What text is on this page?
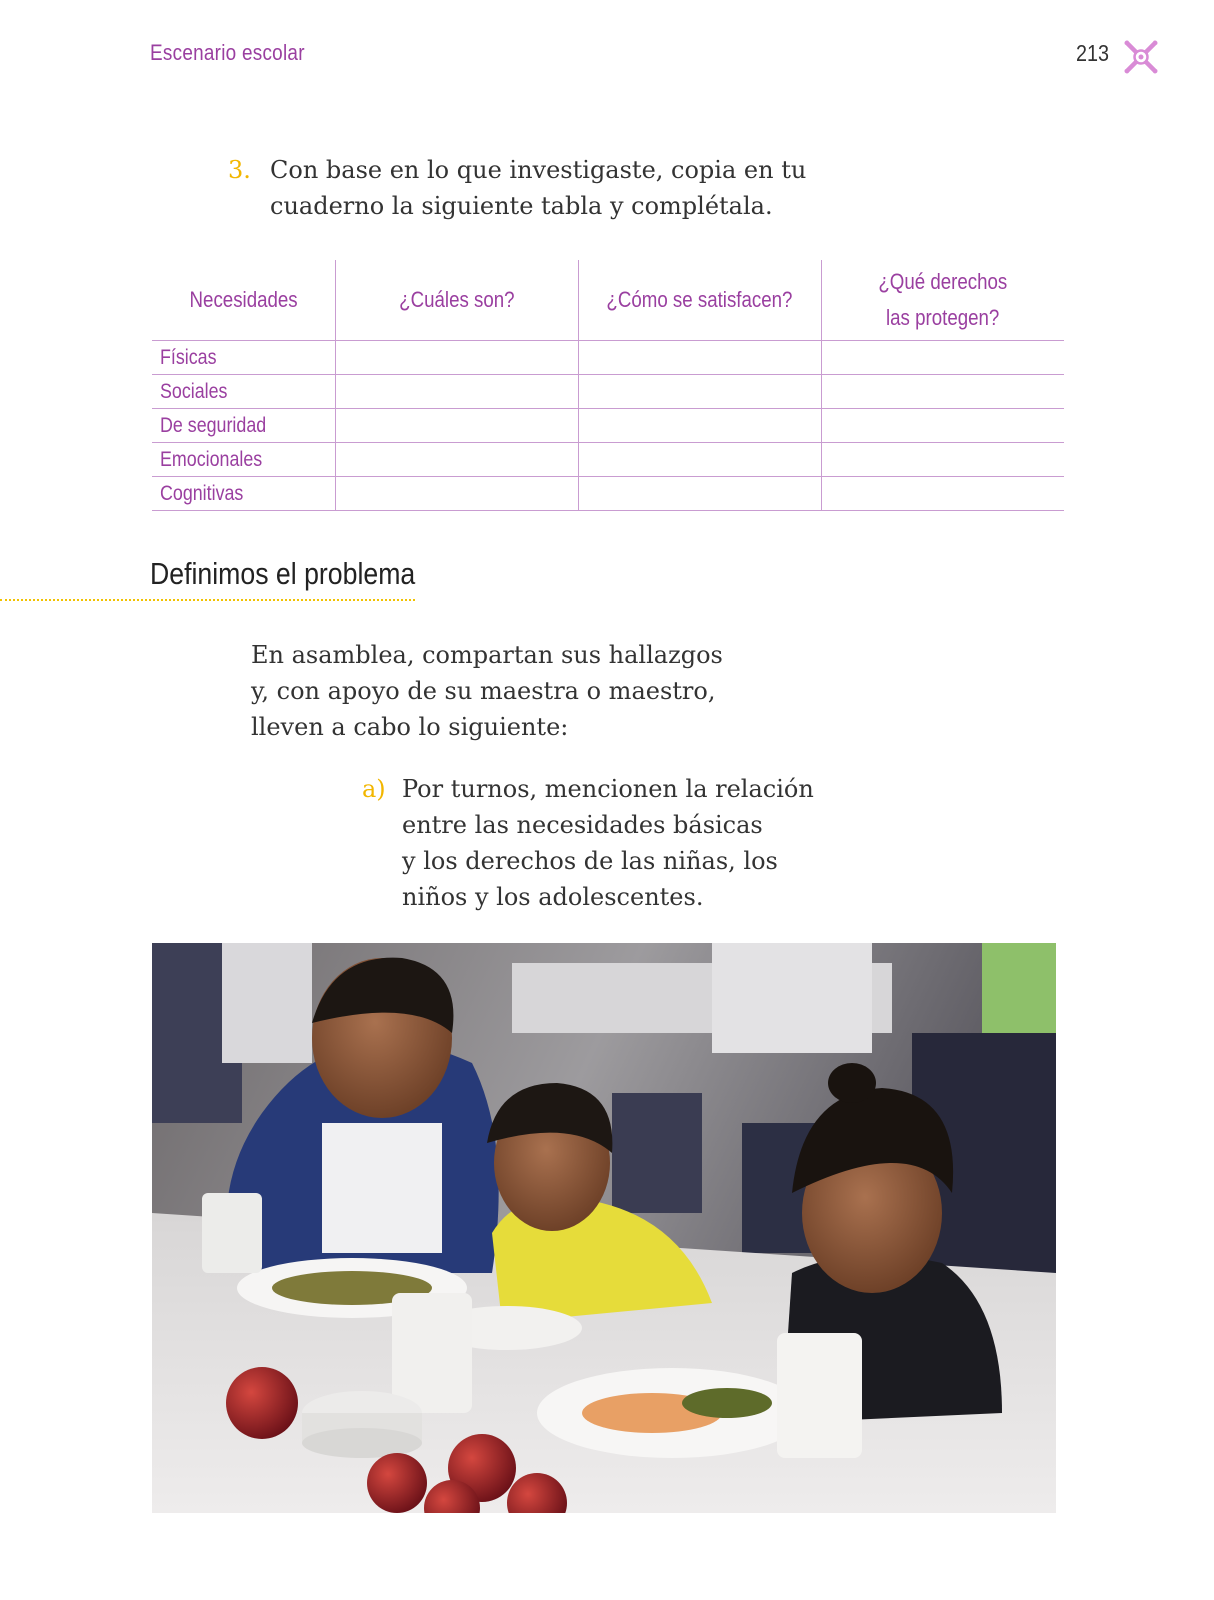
Escenario escolar	213
3. Con base en lo que investigaste, copia en tu cuaderno la siguiente tabla y complétala.
Necesidades	¿Cuáles son?	¿Cómo se satisfacen?	¿Qué derechos
las protegen?
Físicas			
Sociales			
De seguridad			
Emocionales			
Cognitivas			
Definimos el problema
En asamblea, compartan sus hallazgos
y, con apoyo de su maestra o maestro,
lleven a cabo lo siguiente:
a) Por turnos, mencionen la relación
entre las necesidades básicas
y los derechos de las niñas, los
niños y los adolescentes.
